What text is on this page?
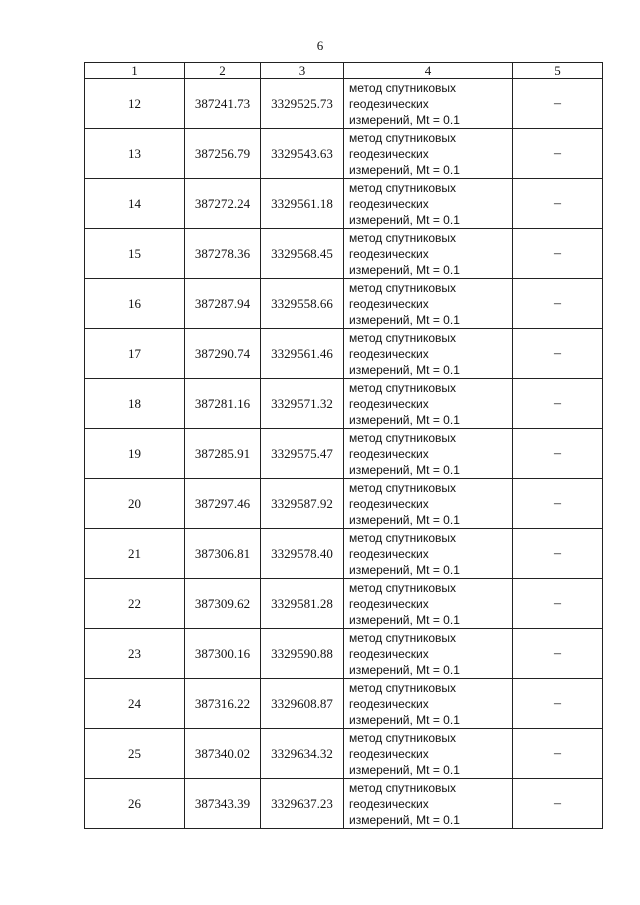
6
1	2	3	4	5
12	387241.73	3329525.73	метод спутниковых
геодезических
измерений, Mt = 0.1	–
13	387256.79	3329543.63	метод спутниковых
геодезических
измерений, Mt = 0.1	–
14	387272.24	3329561.18	метод спутниковых
геодезических
измерений, Mt = 0.1	–
15	387278.36	3329568.45	метод спутниковых
геодезических
измерений, Mt = 0.1	–
16	387287.94	3329558.66	метод спутниковых
геодезических
измерений, Mt = 0.1	–
17	387290.74	3329561.46	метод спутниковых
геодезических
измерений, Mt = 0.1	–
18	387281.16	3329571.32	метод спутниковых
геодезических
измерений, Mt = 0.1	–
19	387285.91	3329575.47	метод спутниковых
геодезических
измерений, Mt = 0.1	–
20	387297.46	3329587.92	метод спутниковых
геодезических
измерений, Mt = 0.1	–
21	387306.81	3329578.40	метод спутниковых
геодезических
измерений, Mt = 0.1	–
22	387309.62	3329581.28	метод спутниковых
геодезических
измерений, Mt = 0.1	–
23	387300.16	3329590.88	метод спутниковых
геодезических
измерений, Mt = 0.1	–
24	387316.22	3329608.87	метод спутниковых
геодезических
измерений, Mt = 0.1	–
25	387340.02	3329634.32	метод спутниковых
геодезических
измерений, Mt = 0.1	–
26	387343.39	3329637.23	метод спутниковых
геодезических
измерений, Mt = 0.1	–
